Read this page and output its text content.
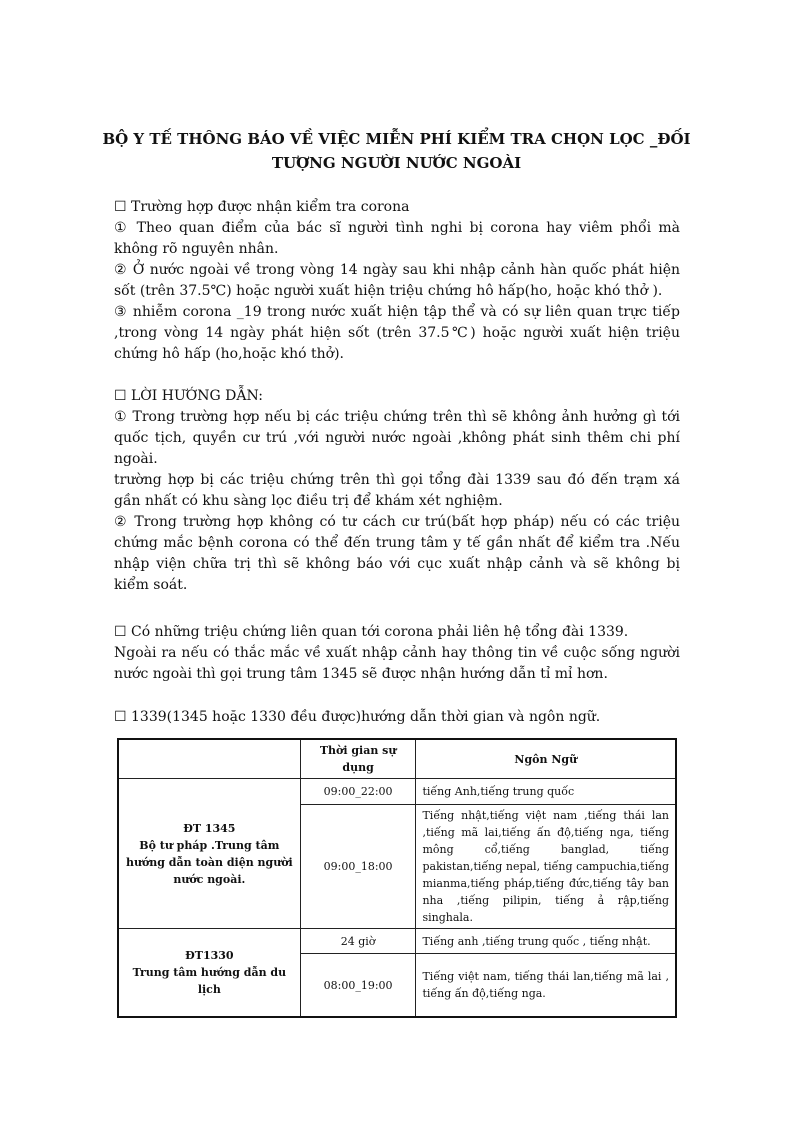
BỘ Y TẾ THÔNG BÁO VỀ VIỆC MIỄN PHÍ KIỂM TRA CHỌN LỌC _ĐỐI
TƯỢNG NGƯỜI NƯỚC NGOÀI
☐ Trường hợp được nhận kiểm tra corona
① Theo quan điểm của bác sĩ người tình nghi bị corona hay viêm phổi mà không rõ nguyên nhân.
② Ở nước ngoài về trong vòng 14 ngày sau khi nhập cảnh hàn quốc phát hiện sốt (trên 37.5℃) hoặc người xuất hiện triệu chứng hô hấp(ho, hoặc khó thở ).
③ nhiễm corona _19 trong nước xuất hiện tập thể và có sự liên quan trực tiếp ,trong vòng 14 ngày phát hiện sốt (trên 37.5℃) hoặc người xuất hiện triệu chứng hô hấp (ho,hoặc khó thở).
☐ LỜI HƯỚNG DẪN:
① Trong trường hợp nếu bị các triệu chứng trên thì sẽ không ảnh hưởng gì tới quốc tịch, quyền cư trú ,với người nước ngoài ,không phát sinh thêm chi phí ngoài.
trường hợp bị các triệu chứng trên thì gọi tổng đài 1339 sau đó đến trạm xá gần nhất có khu sàng lọc điều trị để khám xét nghiệm.
② Trong trường hợp không có tư cách cư trú(bất hợp pháp) nếu có các triệu chứng mắc bệnh corona có thể đến trung tâm y tế gần nhất để kiểm tra .Nếu nhập viện chữa trị thì sẽ không báo với cục xuất nhập cảnh và sẽ không bị kiểm soát.
☐ Có những triệu chứng liên quan tới corona phải liên hệ tổng đài 1339.
Ngoài ra nếu có thắc mắc về xuất nhập cảnh hay thông tin về cuộc sống người nước ngoài thì gọi trung tâm 1345 sẽ được nhận hướng dẫn tỉ mỉ hơn.
☐ 1339(1345 hoặc 1330 đều được)hướng dẫn thời gian và ngôn ngữ.
	Thời gian sự dụng	Ngôn Ngữ

ĐT 1345
Bộ tư pháp .Trung tâm hướng dẫn toàn diện người nước ngoài.	09:00_22:00	tiếng Anh,tiếng trung quốc
	09:00_18:00	Tiếng nhật,tiếng việt nam ,tiếng thái lan ,tiếng mã lai,tiếng ấn độ,tiếng nga, tiếng mông cổ,tiếng banglad, tiếng pakistan,tiếng nepal, tiếng campuchia,tiếng mianma,tiếng pháp,tiếng đức,tiếng tây ban nha ,tiếng pilipin, tiếng ả rập,tiếng singhala.

ĐT1330
Trung tâm hướng dẫn du lịch	24 giờ	Tiếng anh ,tiếng trung quốc , tiếng nhật.
	08:00_19:00	Tiếng việt nam, tiếng thái lan,tiếng mã lai , tiếng ấn độ,tiếng nga.
